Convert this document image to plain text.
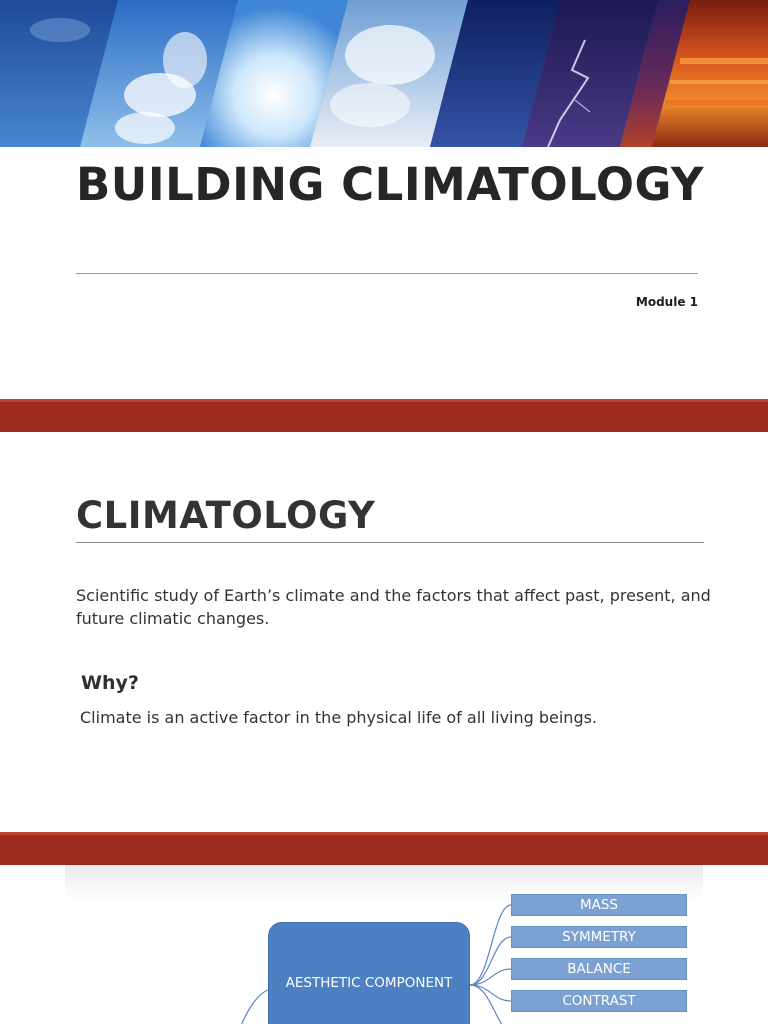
BUILDING CLIMATOLOGY
Module 1
CLIMATOLOGY

Scientific study of Earth’s climate and the factors that affect past, present, and future climatic changes.

Why?

Climate is an active factor in the physical life of all living beings.

AESTHETIC COMPONENT
MASS
SYMMETRY
BALANCE
CONTRAST
